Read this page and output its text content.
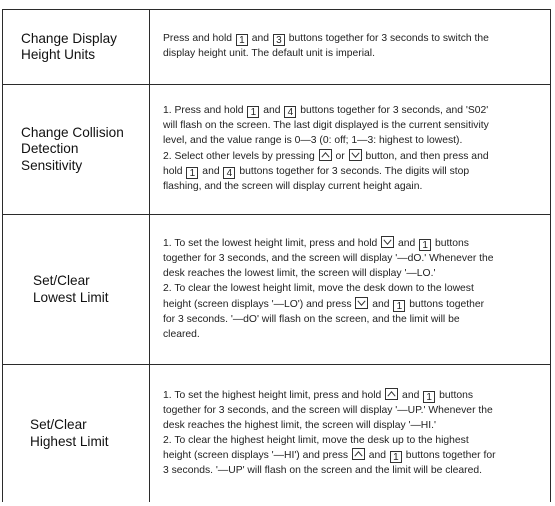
Change Display
Height Units

Press and hold 1 and 3 buttons together for 3 seconds to switch the
display height unit. The default unit is imperial.

Change Collision
Detection
Sensitivity

1. Press and hold 1 and 4 buttons together for 3 seconds, and 'S02'
will flash on the screen. The last digit displayed is the current sensitivity
level, and the value range is 0—3 (0: off; 1—3: highest to lowest).
2. Select other levels by pressing
or
button, and then press and
hold 1 and 4 buttons together for 3 seconds. The digits will stop
flashing, and the screen will display current height again.

Set/Clear
Lowest Limit

1. To set the lowest height limit, press and hold
and 1 buttons
together for 3 seconds, and the screen will display '—dO.' Whenever the
desk reaches the lowest limit, the screen will display '—LO.'
2. To clear the lowest height limit, move the desk down to the lowest
height (screen displays '—LO') and press
and 1 buttons together
for 3 seconds. '—dO' will flash on the screen, and the limit will be
cleared.

Set/Clear
Highest Limit

1. To set the highest height limit, press and hold
and 1 buttons
together for 3 seconds, and the screen will display '—UP.' Whenever the
desk reaches the highest limit, the screen will display '—HI.'
2. To clear the highest height limit, move the desk up to the highest
height (screen displays '—HI') and press
and 1 buttons together for
3 seconds. '—UP' will flash on the screen and the limit will be cleared.
